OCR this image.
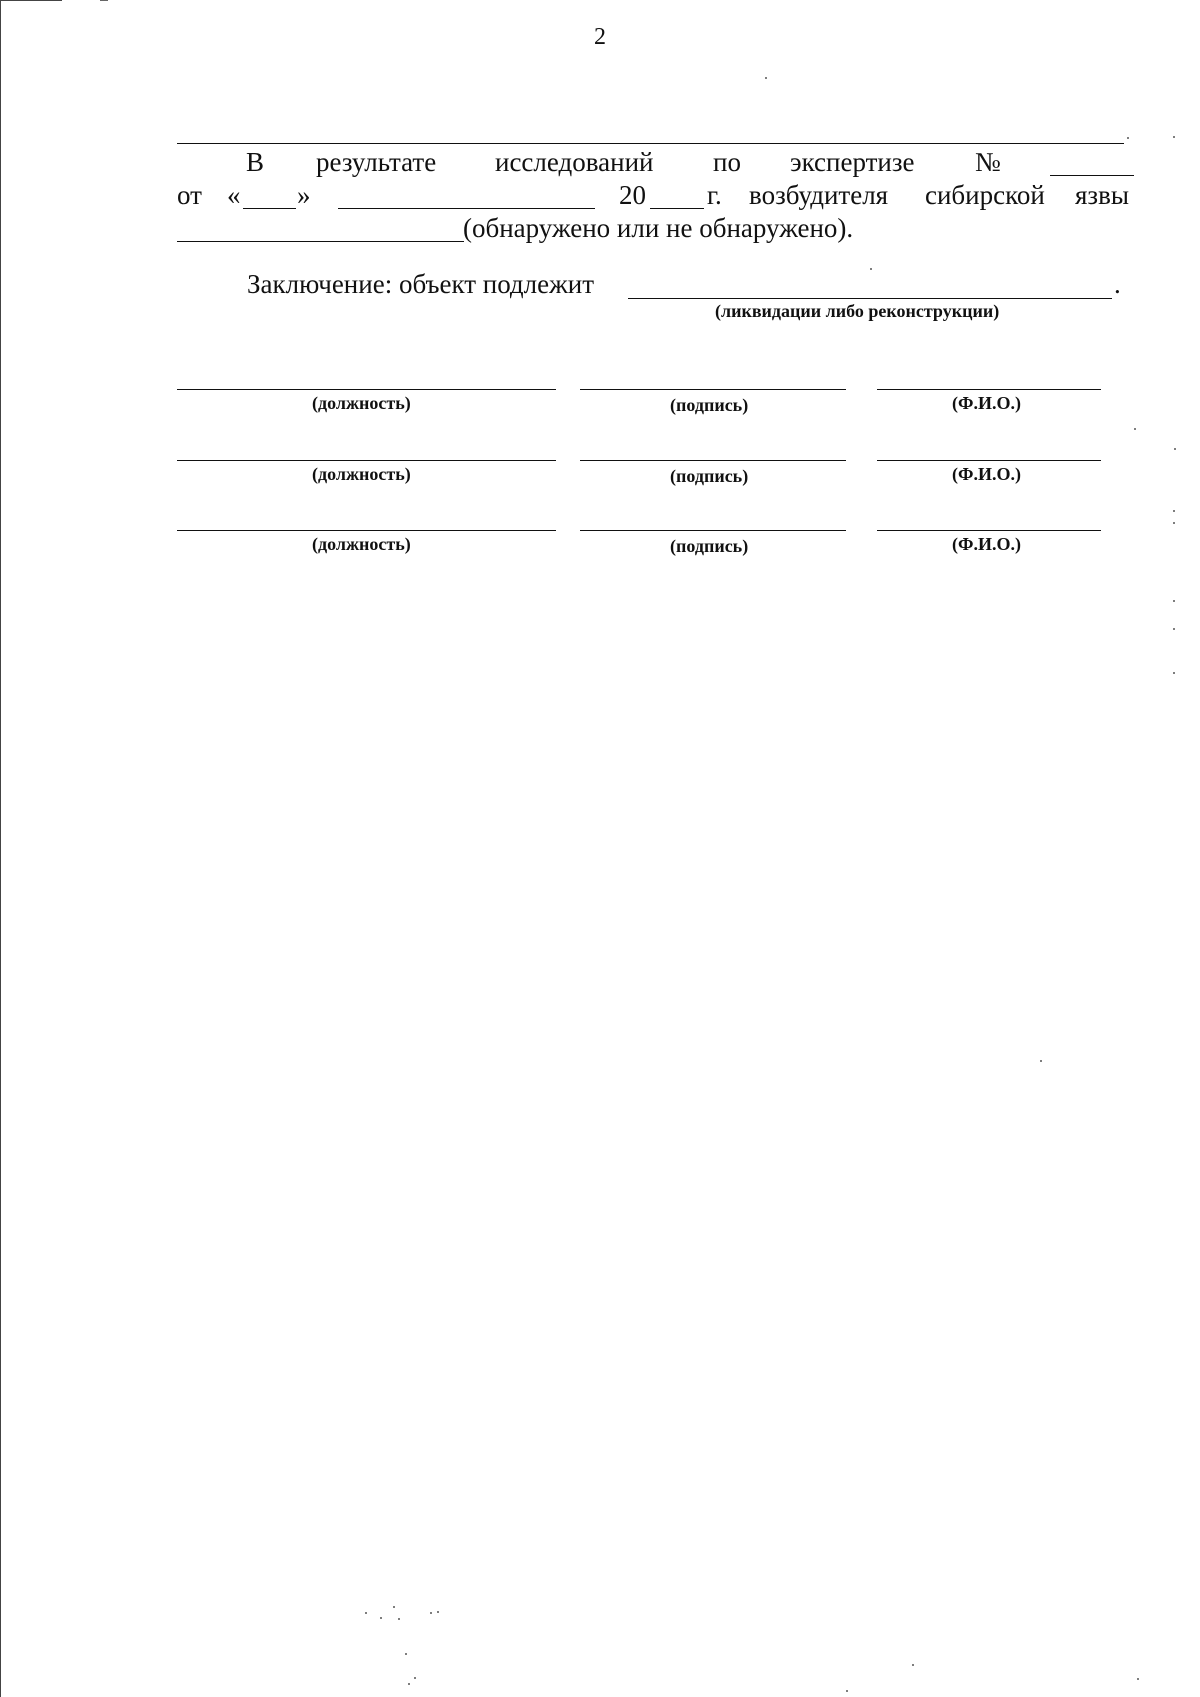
2
В результате исследований по экспертизе №
от « »	20 г. возбудителя сибирской язвы
(обнаружено или не обнаружено).
Заключение: объект подлежит	.
(ликвидации либо реконструкции)
(должность)	(подпись)	(Ф.И.О.)
(должность)	(подпись)	(Ф.И.О.)
(должность)	(подпись)	(Ф.И.О.)
